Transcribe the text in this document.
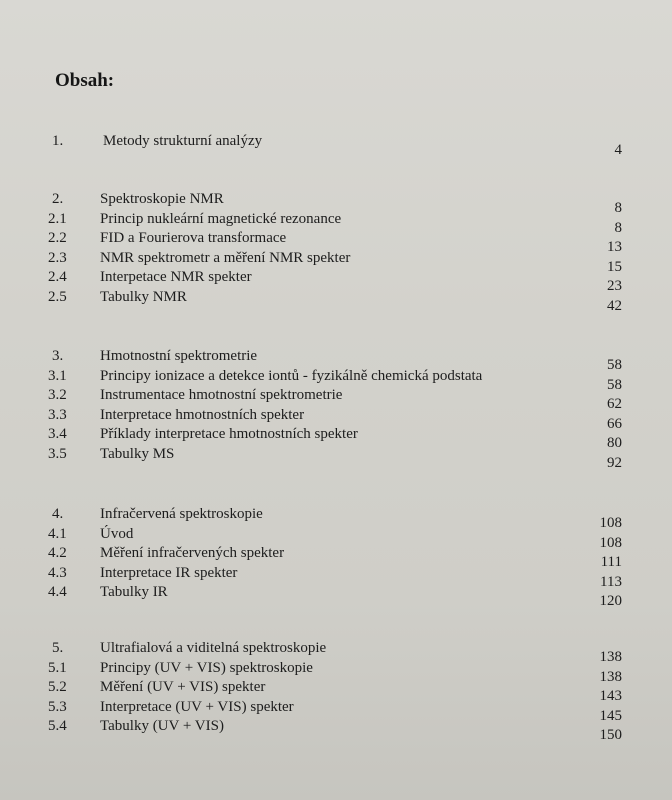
Obsah:
1.	Metody strukturní analýzy
4
2. Spektroskopie NMR
8
2.1 Princip nukleární magnetické rezonance
8
2.2 FID a Fourierova transformace
13
2.3 NMR spektrometr a měření NMR spekter
15
2.4 Interpetace NMR spekter
23
2.5 Tabulky NMR
42
3. Hmotnostní spektrometrie
58
3.1 Principy ionizace a detekce iontů - fyzikálně chemická podstata
58
3.2 Instrumentace hmotnostní spektrometrie
62
3.3 Interpretace hmotnostních spekter
66
3.4 Příklady interpretace hmotnostních spekter
80
3.5 Tabulky MS
92
4. Infračervená spektroskopie
108
4.1 Úvod
108
4.2 Měření infračervených spekter
111
4.3 Interpretace IR spekter
113
4.4 Tabulky IR
120
5. Ultrafialová a viditelná spektroskopie
138
5.1 Principy (UV + VIS) spektroskopie
138
5.2 Měření (UV + VIS) spekter
143
5.3 Interpretace (UV + VIS) spekter
145
5.4 Tabulky (UV + VIS)
150
